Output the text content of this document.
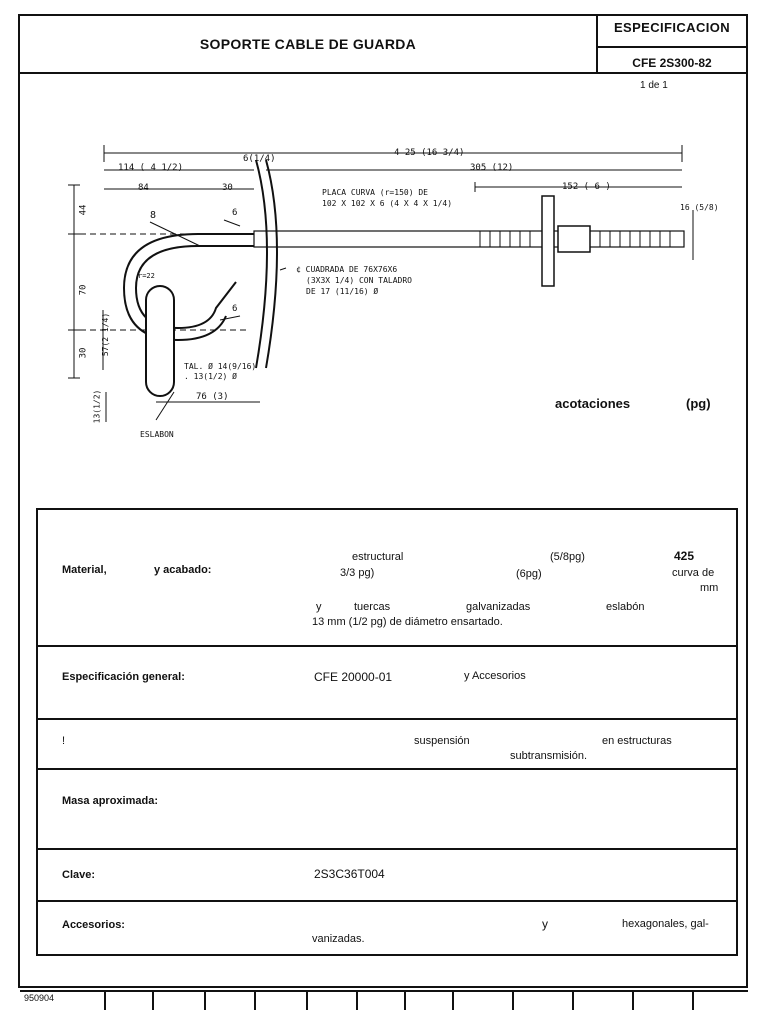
SOPORTE CABLE DE GUARDA
ESPECIFICACION
CFE 2S300-82
1 de 1
4 25 (16 3/4)
114 ( 4 1/2)
6(1/4)
305 (12)
84	30	152 ( 6 )
16 (5/8)
44
70
30 57(2 1/4)
13(1/2)	76 (3)
r=22
8	6
6
PLACA CURVA (r=150) DE
102 X 102 X 6 (4 X 4 X 1/4)
¢ CUADRADA DE 76X76X6
(3X3X 1/4) CON TALADRO
DE 17 (11/16) Ø
TAL. Ø 14(9/16)
. 13(1/2) Ø
ESLABON
acotaciones	(pg)
Material,	y acabado:
estructural	(5/8pg)	425
3/3 pg)	(6pg)	curva de
mm
y	tuercas	galvanizadas	eslabón
13 mm (1/2 pg) de diámetro ensartado.
Especificación general:	CFE 20000-01	y Accesorios
!	suspensión	en estructuras
subtransmisión.
Masa aproximada:
Clave:	2S3C36T004
Accesorios:	y	hexagonales, gal-
vanizadas.
950904
